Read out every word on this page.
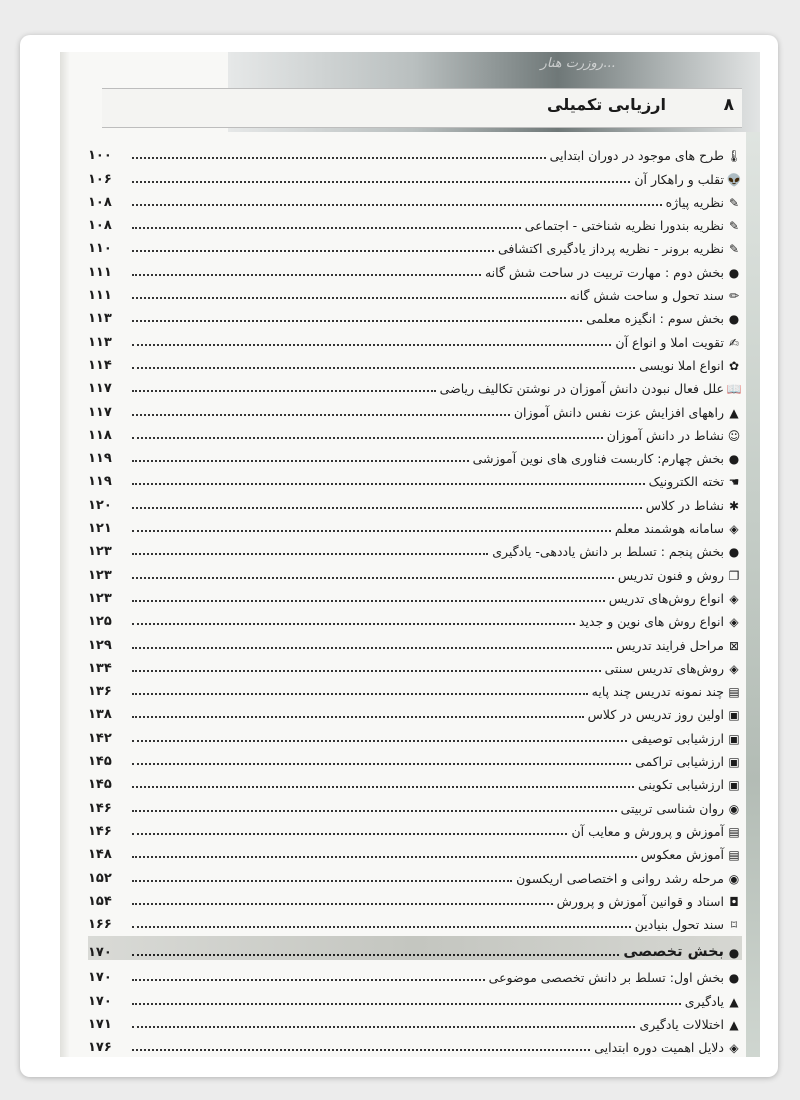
روزرت هنار...
۸
ارزیابی تکمیلی
🌡
طرح های موجود در دوران ابتدایی
۱۰۰
👽
تقلب و راهکار آن
۱۰۶
✎
نظریه پیاژه
۱۰۸
✎
نظریه بندورا نظریه شناختی - اجتماعی
۱۰۸
✎
نظریه برونر - نظریه پرداز یادگیری اکتشافی
۱۱۰
●
بخش دوم : مهارت تربیت در ساحت شش گانه
۱۱۱
✏
سند تحول و ساحت شش گانه
۱۱۱
●
بخش سوم : انگیزه معلمی
۱۱۳
✍
تقویت املا و انواع آن
۱۱۳
✿
انواع املا نویسی
۱۱۴
📖
علل فعال نبودن دانش آموزان در نوشتن تکالیف ریاضی
۱۱۷
▲
راههای افزایش عزت نفس دانش آموزان
۱۱۷
☺
نشاط در دانش آموزان
۱۱۸
●
بخش چهارم: کاربست فناوری های نوین آموزشی
۱۱۹
☚
تخته الکترونیک
۱۱۹
✱
نشاط در کلاس
۱۲۰
◈
سامانه هوشمند معلم
۱۲۱
●
بخش پنجم : تسلط بر دانش یاددهی- یادگیری
۱۲۳
❐
روش و فنون تدریس
۱۲۳
◈
انواع روش‌های تدریس
۱۲۳
◈
انواع روش های نوین و جدید
۱۲۵
⊠
مراحل فرایند تدریس
۱۲۹
◈
روش‌های تدریس سنتی
۱۳۴
▤
چند نمونه تدریس چند پایه
۱۳۶
▣
اولین روز تدریس در کلاس
۱۳۸
▣
ارزشیابی توصیفی
۱۴۲
▣
ارزشیابی تراکمی
۱۴۵
▣
ارزشیابی تکوینی
۱۴۵
◉
روان شناسی تربیتی
۱۴۶
▤
آموزش و پرورش و معایب آن
۱۴۶
▤
آموزش معکوس
۱۴۸
◉
مرحله رشد روانی و اختصاصی اریکسون
۱۵۲
◘
اسناد و قوانین آموزش و پرورش
۱۵۴
⌑
سند تحول بنیادین
۱۶۶
●
بخش تخصصی
۱۷۰
●
بخش اول: تسلط بر دانش تخصصی موضوعی
۱۷۰
▲
یادگیری
۱۷۰
▲
اختلالات یادگیری
۱۷۱
◈
دلایل اهمیت دوره ابتدایی
۱۷۶
